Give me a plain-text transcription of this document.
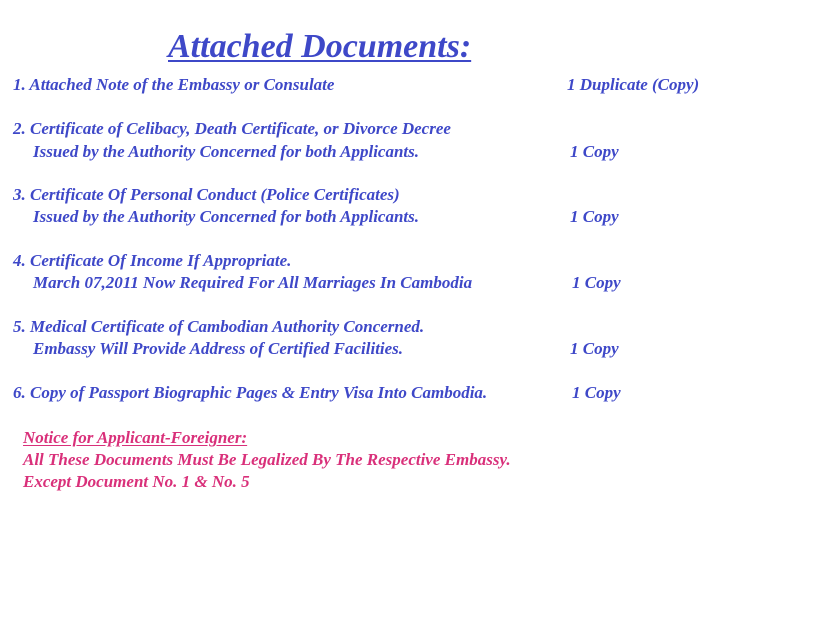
Attached Documents:
1. Attached Note of the Embassy or Consulate	1 Duplicate (Copy)
2. Certificate of Celibacy, Death Certificate, or Divorce Decree
Issued by the Authority Concerned for both Applicants.	1 Copy
3. Certificate Of Personal Conduct (Police Certificates)
Issued by the Authority Concerned for both Applicants.	1 Copy
4. Certificate Of Income If Appropriate.
March 07,2011 Now Required For All Marriages In Cambodia	1 Copy
5. Medical Certificate of Cambodian Authority Concerned.
Embassy Will Provide Address of Certified Facilities.	1 Copy
6. Copy of Passport Biographic Pages & Entry Visa Into Cambodia.	1 Copy
Notice for Applicant-Foreigner:
All These Documents Must Be Legalized By The Respective Embassy.
Except Document No. 1 & No. 5
